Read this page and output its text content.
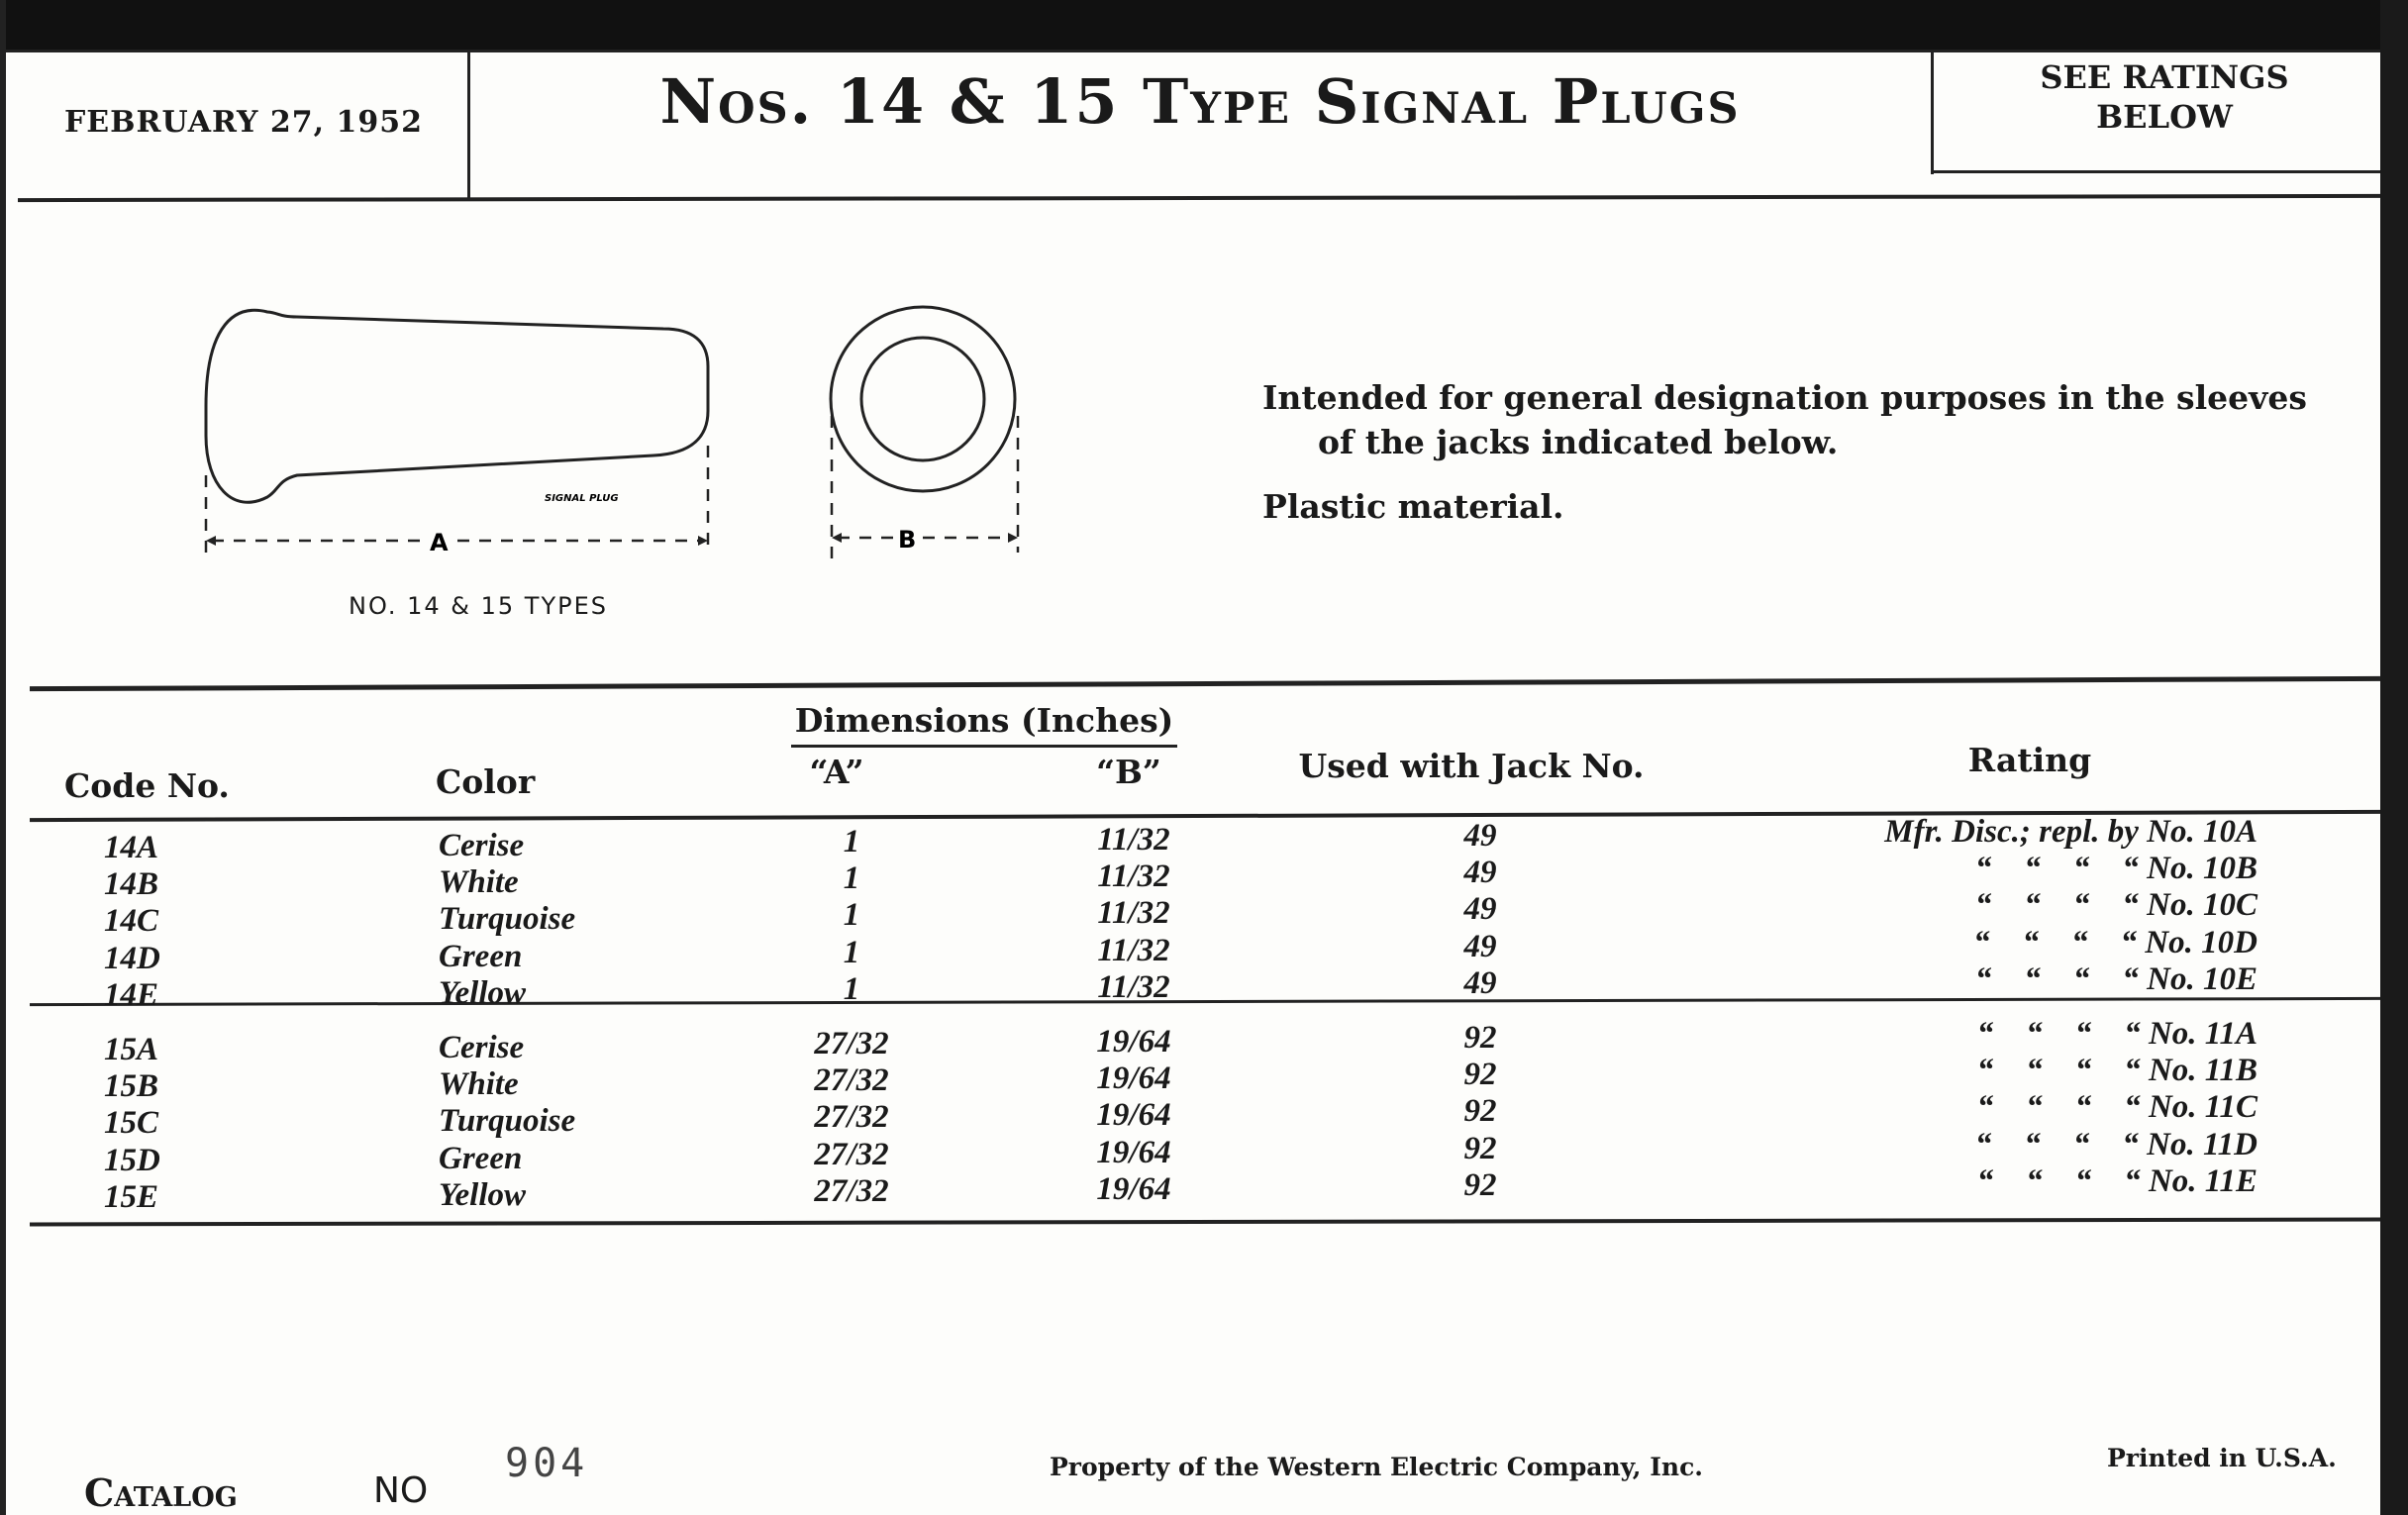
FEBRUARY 27, 1952	Nos. 14 & 15 Type Signal Plugs	SEE RATINGS
BELOW
SIGNAL PLUG
A	B
NO. 14 & 15 TYPES
Intended for general designation purposes in the sleeves
of the jacks indicated below.
Plastic material.
Dimensions (Inches)
Code No.	Color	“A”	“B”	Used with Jack No.	Rating
14A	Cerise	1	11/32	49	Mfr. Disc.; repl. by No. 10A
14B	White	1	11/32	49	“    “    “    “ No. 10B
14C	Turquoise	1	11/32	49	“    “    “    “ No. 10C
14D	Green	1	11/32	49	“    “    “    “ No. 10D
14E	Yellow	1	11/32	49	“    “    “    “ No. 10E
15A	Cerise	27/32	19/64	92	“    “    “    “ No. 11A
15B	White	27/32	19/64	92	“    “    “    “ No. 11B
15C	Turquoise	27/32	19/64	92	“    “    “    “ No. 11C
15D	Green	27/32	19/64	92	“    “    “    “ No. 11D
15E	Yellow	27/32	19/64	92	“    “    “    “ No. 11E
Catalog	NO
904	Property of the Western Electric Company, Inc.	Printed in U.S.A.
